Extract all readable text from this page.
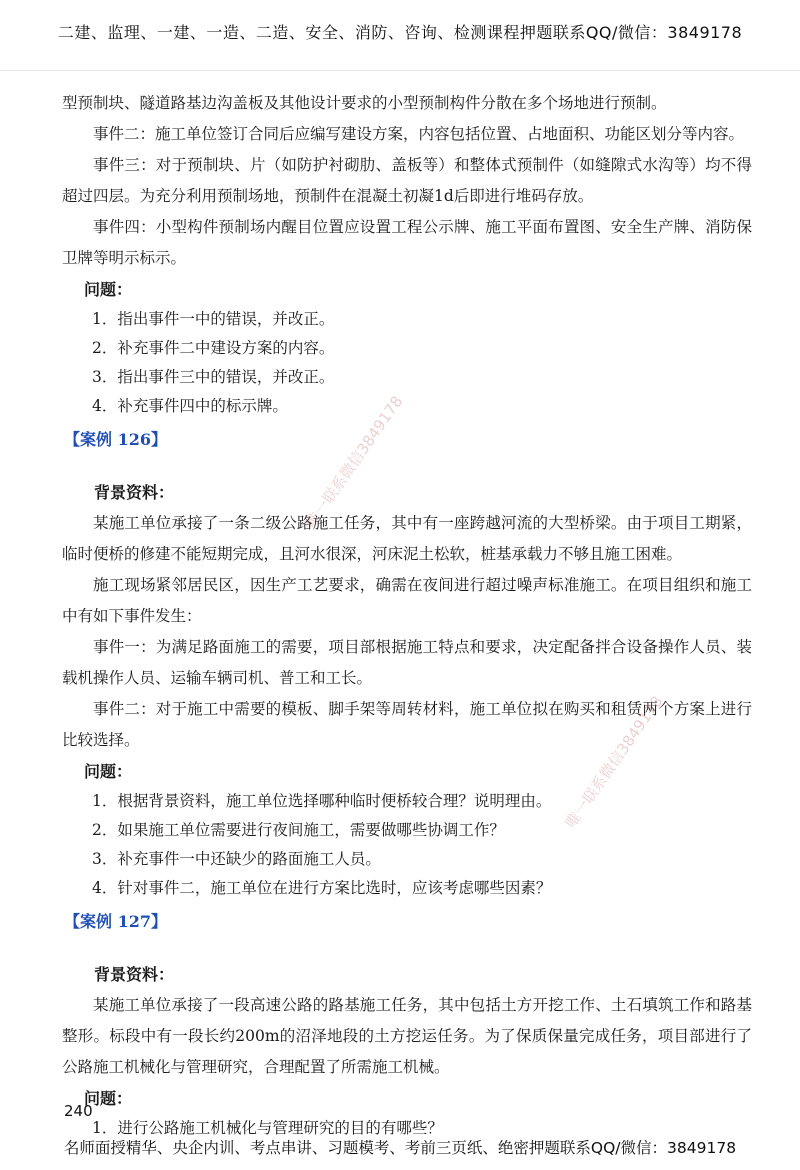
二建、监理、一建、一造、二造、安全、消防、咨询、检测课程押题联系QQ/微信：3849178

型预制块、隧道路基边沟盖板及其他设计要求的小型预制构件分散在多个场地进行预制。

事件二：施工单位签订合同后应编写建设方案，内容包括位置、占地面积、功能区划分等内容。

事件三：对于预制块、片（如防护衬砌肋、盖板等）和整体式预制件（如缝隙式水沟等）均不得超过四层。为充分利用预制场地，预制件在混凝土初凝1d后即进行堆码存放。

事件四：小型构件预制场内醒目位置应设置工程公示牌、施工平面布置图、安全生产牌、消防保卫牌等明示标示。

问题：

1．指出事件一中的错误，并改正。

2．补充事件二中建设方案的内容。

3．指出事件三中的错误，并改正。

4．补充事件四中的标示牌。

【案例 126】

背景资料：

某施工单位承接了一条二级公路施工任务，其中有一座跨越河流的大型桥梁。由于项目工期紧，临时便桥的修建不能短期完成，且河水很深，河床泥土松软，桩基承载力不够且施工困难。

施工现场紧邻居民区，因生产工艺要求，确需在夜间进行超过噪声标准施工。在项目组织和施工中有如下事件发生：

事件一：为满足路面施工的需要，项目部根据施工特点和要求，决定配备拌合设备操作人员、装载机操作人员、运输车辆司机、普工和工长。

事件二：对于施工中需要的模板、脚手架等周转材料，施工单位拟在购买和租赁两个方案上进行比较选择。

问题：

1．根据背景资料，施工单位选择哪种临时便桥较合理？说明理由。

2．如果施工单位需要进行夜间施工，需要做哪些协调工作？

3．补充事件一中还缺少的路面施工人员。

4．针对事件二，施工单位在进行方案比选时，应该考虑哪些因素？

【案例 127】

背景资料：

某施工单位承接了一段高速公路的路基施工任务，其中包括土方开挖工作、土石填筑工作和路基整形。标段中有一段长约200m的沼泽地段的土方挖运任务。为了保质保量完成任务，项目部进行了公路施工机械化与管理研究，合理配置了所需施工机械。

问题：

1．进行公路施工机械化与管理研究的目的有哪些？

唯一联系微信3849178
唯一联系微信3849178
240
名师面授精华、央企内训、考点串讲、习题模考、考前三页纸、绝密押题联系QQ/微信：3849178
